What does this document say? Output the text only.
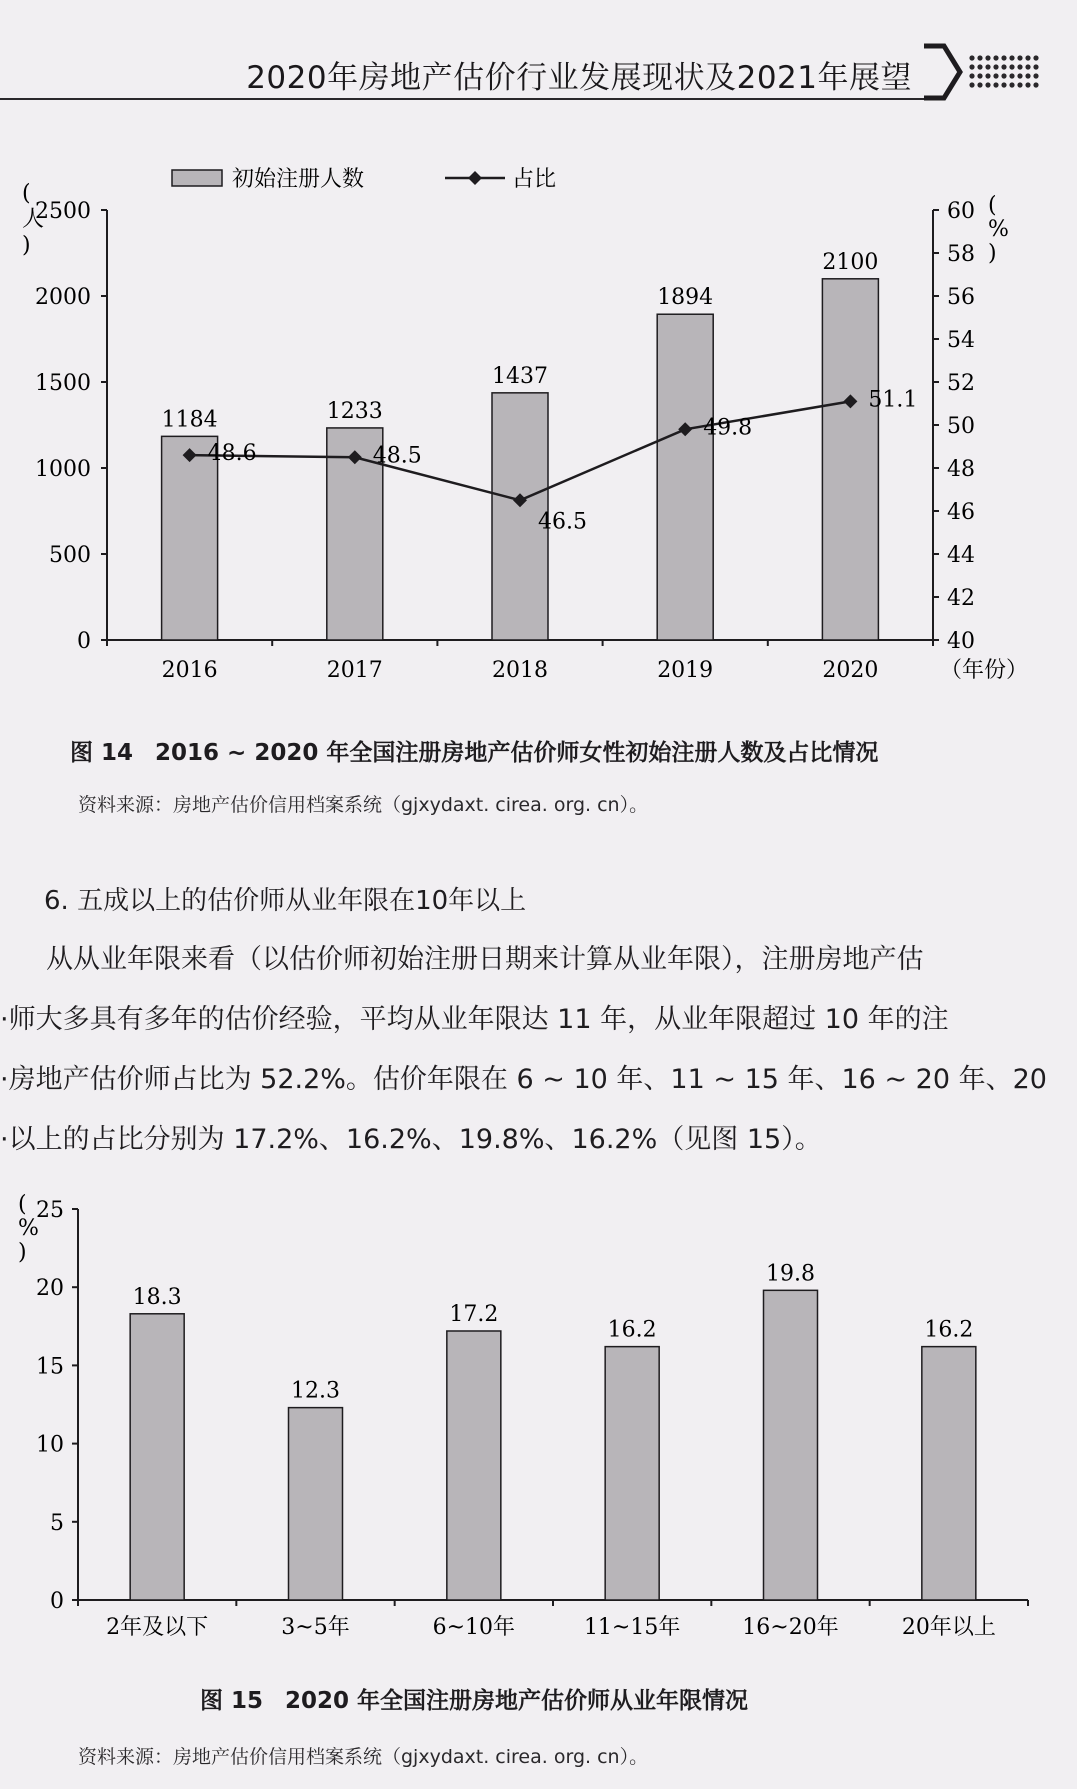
2020年房地产估价行业发展现状及2021年展望
0
500
1000
1500
2000
2500
40
42
44
46
48
50
52
54
56
58
60
(
人
)
(
%
)
1184
2016
1233
2017
1437
2018
1894
2019
2100
2020
48.6	48.5
46.5
49.8
51.1
（年份）
初始注册人数	占比
图 14 2016 ~ 2020 年全国注册房地产估价师女性初始注册人数及占比情况
资料来源：房地产估价信用档案系统（gjxydaxt. cirea. org. cn）。
6. 五成以上的估价师从业年限在10年以上
从从业年限来看（以估价师初始注册日期来计算从业年限），注册房地产估
·师大多具有多年的估价经验，平均从业年限达 11 年，从业年限超过 10 年的注
·房地产估价师占比为 52.2%。估价年限在 6 ~ 10 年、11 ~ 15 年、16 ~ 20 年、20
·以上的占比分别为 17.2%、16.2%、19.8%、16.2%（见图 15）。
0
5
10
15
20
25
(
%
)
18.3
2年及以下
12.3
3~5年
17.2
6~10年
16.2
11~15年
19.8
16~20年
16.2
20年以上
图 15 2020 年全国注册房地产估价师从业年限情况
资料来源：房地产估价信用档案系统（gjxydaxt. cirea. org. cn）。
